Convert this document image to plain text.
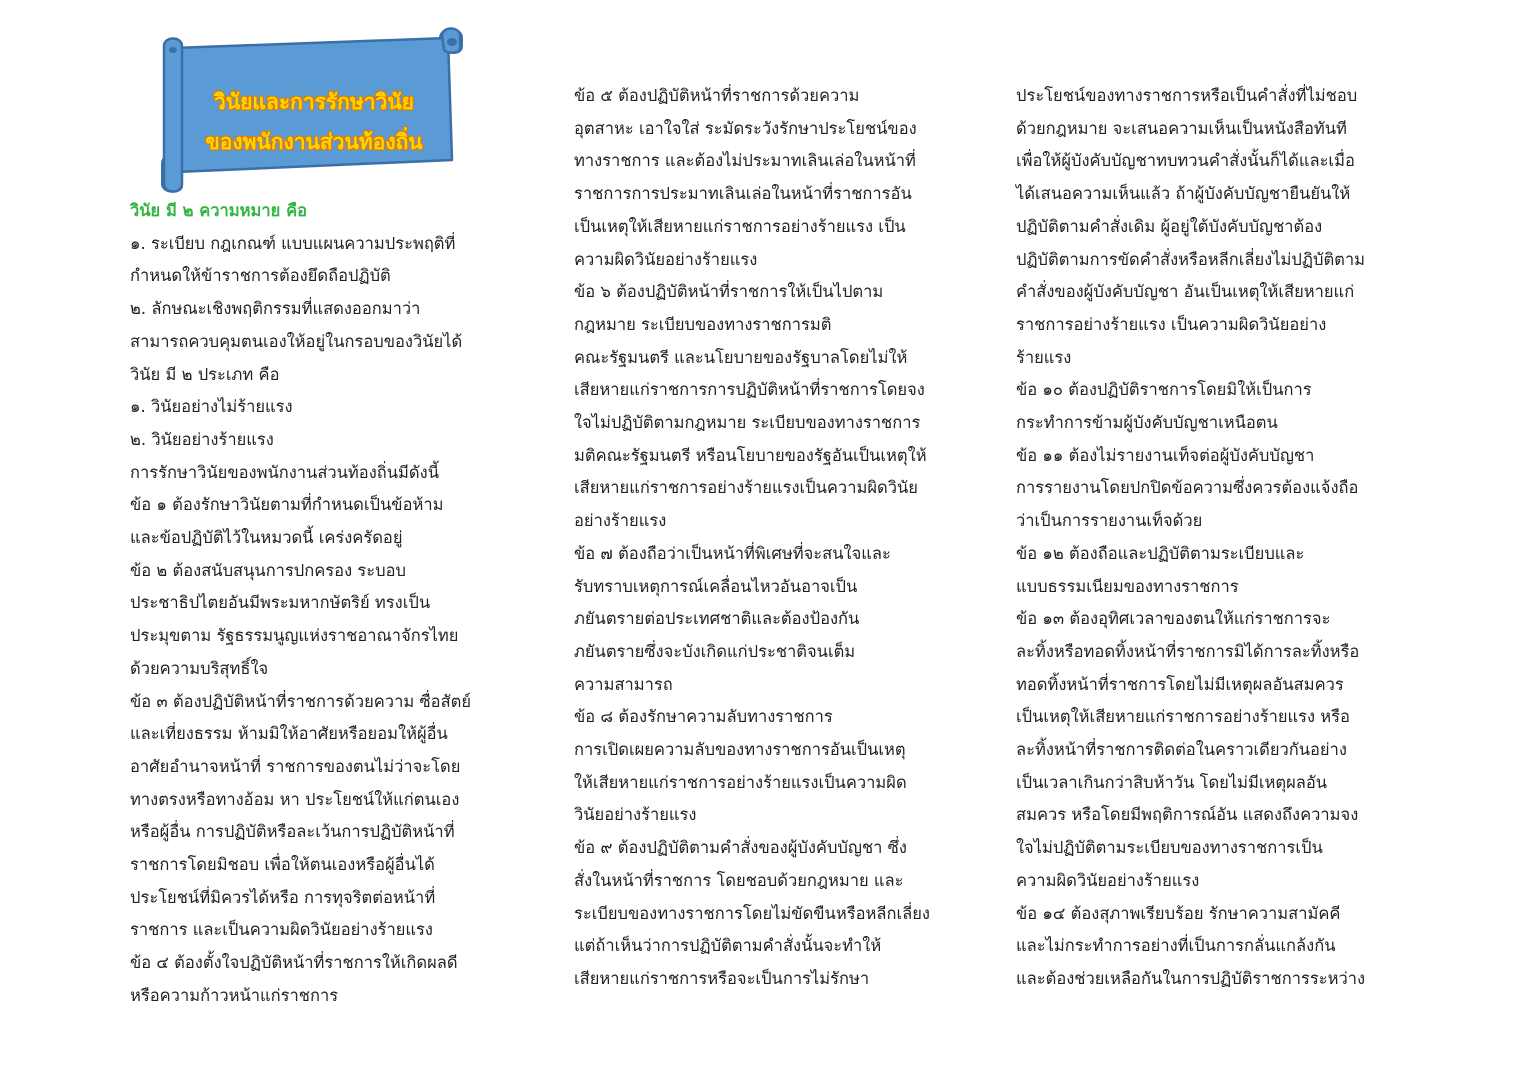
วินัยและการรักษาวินัย
ของพนักงานส่วนท้องถิ่น
วินัย มี ๒ ความหมาย คือ
๑. ระเบียบ กฎเกณฑ์ แบบแผนความประพฤติที่
กำหนดให้ข้าราชการต้องยึดถือปฏิบัติ
๒. ลักษณะเชิงพฤติกรรมที่แสดงออกมาว่า
สามารถควบคุมตนเองให้อยู่ในกรอบของวินัยได้
วินัย มี ๒ ประเภท คือ
๑. วินัยอย่างไม่ร้ายแรง
๒. วินัยอย่างร้ายแรง
การรักษาวินัยของพนักงานส่วนท้องถิ่นมีดังนี้
ข้อ ๑ ต้องรักษาวินัยตามที่กำหนดเป็นข้อห้าม
และข้อปฏิบัติไว้ในหมวดนี้ เคร่งครัดอยู่
ข้อ ๒ ต้องสนับสนุนการปกครอง ระบอบ
ประชาธิปไตยอันมีพระมหากษัตริย์ ทรงเป็น
ประมุขตาม รัฐธรรมนูญแห่งราชอาณาจักรไทย
ด้วยความบริสุทธิ์ใจ
ข้อ ๓ ต้องปฏิบัติหน้าที่ราชการด้วยความ ซื่อสัตย์
และเที่ยงธรรม ห้ามมิให้อาศัยหรือยอมให้ผู้อื่น
อาศัยอำนาจหน้าที่ ราชการของตนไม่ว่าจะโดย
ทางตรงหรือทางอ้อม หา ประโยชน์ให้แก่ตนเอง
หรือผู้อื่น การปฏิบัติหรือละเว้นการปฏิบัติหน้าที่
ราชการโดยมิชอบ เพื่อให้ตนเองหรือผู้อื่นได้
ประโยชน์ที่มิควรได้หรือ การทุจริตต่อหน้าที่
ราชการ และเป็นความผิดวินัยอย่างร้ายแรง
ข้อ ๔ ต้องตั้งใจปฏิบัติหน้าที่ราชการให้เกิดผลดี
หรือความก้าวหน้าแก่ราชการ
ข้อ ๕ ต้องปฏิบัติหน้าที่ราชการด้วยความ
อุตสาหะ เอาใจใส่ ระมัดระวังรักษาประโยชน์ของ
ทางราชการ และต้องไม่ประมาทเลินเล่อในหน้าที่
ราชการการประมาทเลินเล่อในหน้าที่ราชการอัน
เป็นเหตุให้เสียหายแก่ราชการอย่างร้ายแรง เป็น
ความผิดวินัยอย่างร้ายแรง
ข้อ ๖ ต้องปฏิบัติหน้าที่ราชการให้เป็นไปตาม
กฎหมาย ระเบียบของทางราชการมติ
คณะรัฐมนตรี และนโยบายของรัฐบาลโดยไม่ให้
เสียหายแก่ราชการการปฏิบัติหน้าที่ราชการโดยจง
ใจไม่ปฏิบัติตามกฎหมาย ระเบียบของทางราชการ
มติคณะรัฐมนตรี หรือนโยบายของรัฐอันเป็นเหตุให้
เสียหายแก่ราชการอย่างร้ายแรงเป็นความผิดวินัย
อย่างร้ายแรง
ข้อ ๗ ต้องถือว่าเป็นหน้าที่พิเศษที่จะสนใจและ
รับทราบเหตุการณ์เคลื่อนไหวอันอาจเป็น
ภยันตรายต่อประเทศชาติและต้องป้องกัน
ภยันตรายซึ่งจะบังเกิดแก่ประชาติจนเต็ม
ความสามารถ
ข้อ ๘ ต้องรักษาความลับทางราชการ
การเปิดเผยความลับของทางราชการอันเป็นเหตุ
ให้เสียหายแก่ราชการอย่างร้ายแรงเป็นความผิด
วินัยอย่างร้ายแรง
ข้อ ๙ ต้องปฏิบัติตามคำสั่งของผู้บังคับบัญชา ซึ่ง
สั่งในหน้าที่ราชการ โดยชอบด้วยกฎหมาย และ
ระเบียบของทางราชการโดยไม่ขัดขืนหรือหลีกเลี่ยง
แต่ถ้าเห็นว่าการปฏิบัติตามคำสั่งนั้นจะทำให้
เสียหายแก่ราชการหรือจะเป็นการไม่รักษา
ประโยชน์ของทางราชการหรือเป็นคำสั่งที่ไม่ชอบ
ด้วยกฎหมาย จะเสนอความเห็นเป็นหนังสือทันที
เพื่อให้ผู้บังคับบัญชาทบทวนคำสั่งนั้นก็ได้และเมื่อ
ได้เสนอความเห็นแล้ว ถ้าผู้บังคับบัญชายืนยันให้
ปฏิบัติตามคำสั่งเดิม ผู้อยู่ใต้บังคับบัญชาต้อง
ปฏิบัติตามการขัดคำสั่งหรือหลีกเลี่ยงไม่ปฏิบัติตาม
คำสั่งของผู้บังคับบัญชา อันเป็นเหตุให้เสียหายแก่
ราชการอย่างร้ายแรง เป็นความผิดวินัยอย่าง
ร้ายแรง
ข้อ ๑๐ ต้องปฏิบัติราชการโดยมิให้เป็นการ
กระทำการข้ามผู้บังคับบัญชาเหนือตน
ข้อ ๑๑ ต้องไม่รายงานเท็จต่อผู้บังคับบัญชา
การรายงานโดยปกปิดข้อความซึ่งควรต้องแจ้งถือ
ว่าเป็นการรายงานเท็จด้วย
ข้อ ๑๒ ต้องถือและปฏิบัติตามระเบียบและ
แบบธรรมเนียมของทางราชการ
ข้อ ๑๓ ต้องอุทิศเวลาของตนให้แก่ราชการจะ
ละทิ้งหรือทอดทิ้งหน้าที่ราชการมิได้การละทิ้งหรือ
ทอดทิ้งหน้าที่ราชการโดยไม่มีเหตุผลอันสมควร
เป็นเหตุให้เสียหายแก่ราชการอย่างร้ายแรง หรือ
ละทิ้งหน้าที่ราชการติดต่อในคราวเดียวกันอย่าง
เป็นเวลาเกินกว่าสิบห้าวัน โดยไม่มีเหตุผลอัน
สมควร หรือโดยมีพฤติการณ์อัน แสดงถึงความจง
ใจไม่ปฏิบัติตามระเบียบของทางราชการเป็น
ความผิดวินัยอย่างร้ายแรง
ข้อ ๑๔ ต้องสุภาพเรียบร้อย รักษาความสามัคคี
และไม่กระทำการอย่างที่เป็นการกลั่นแกล้งกัน
และต้องช่วยเหลือกันในการปฏิบัติราชการระหว่าง
